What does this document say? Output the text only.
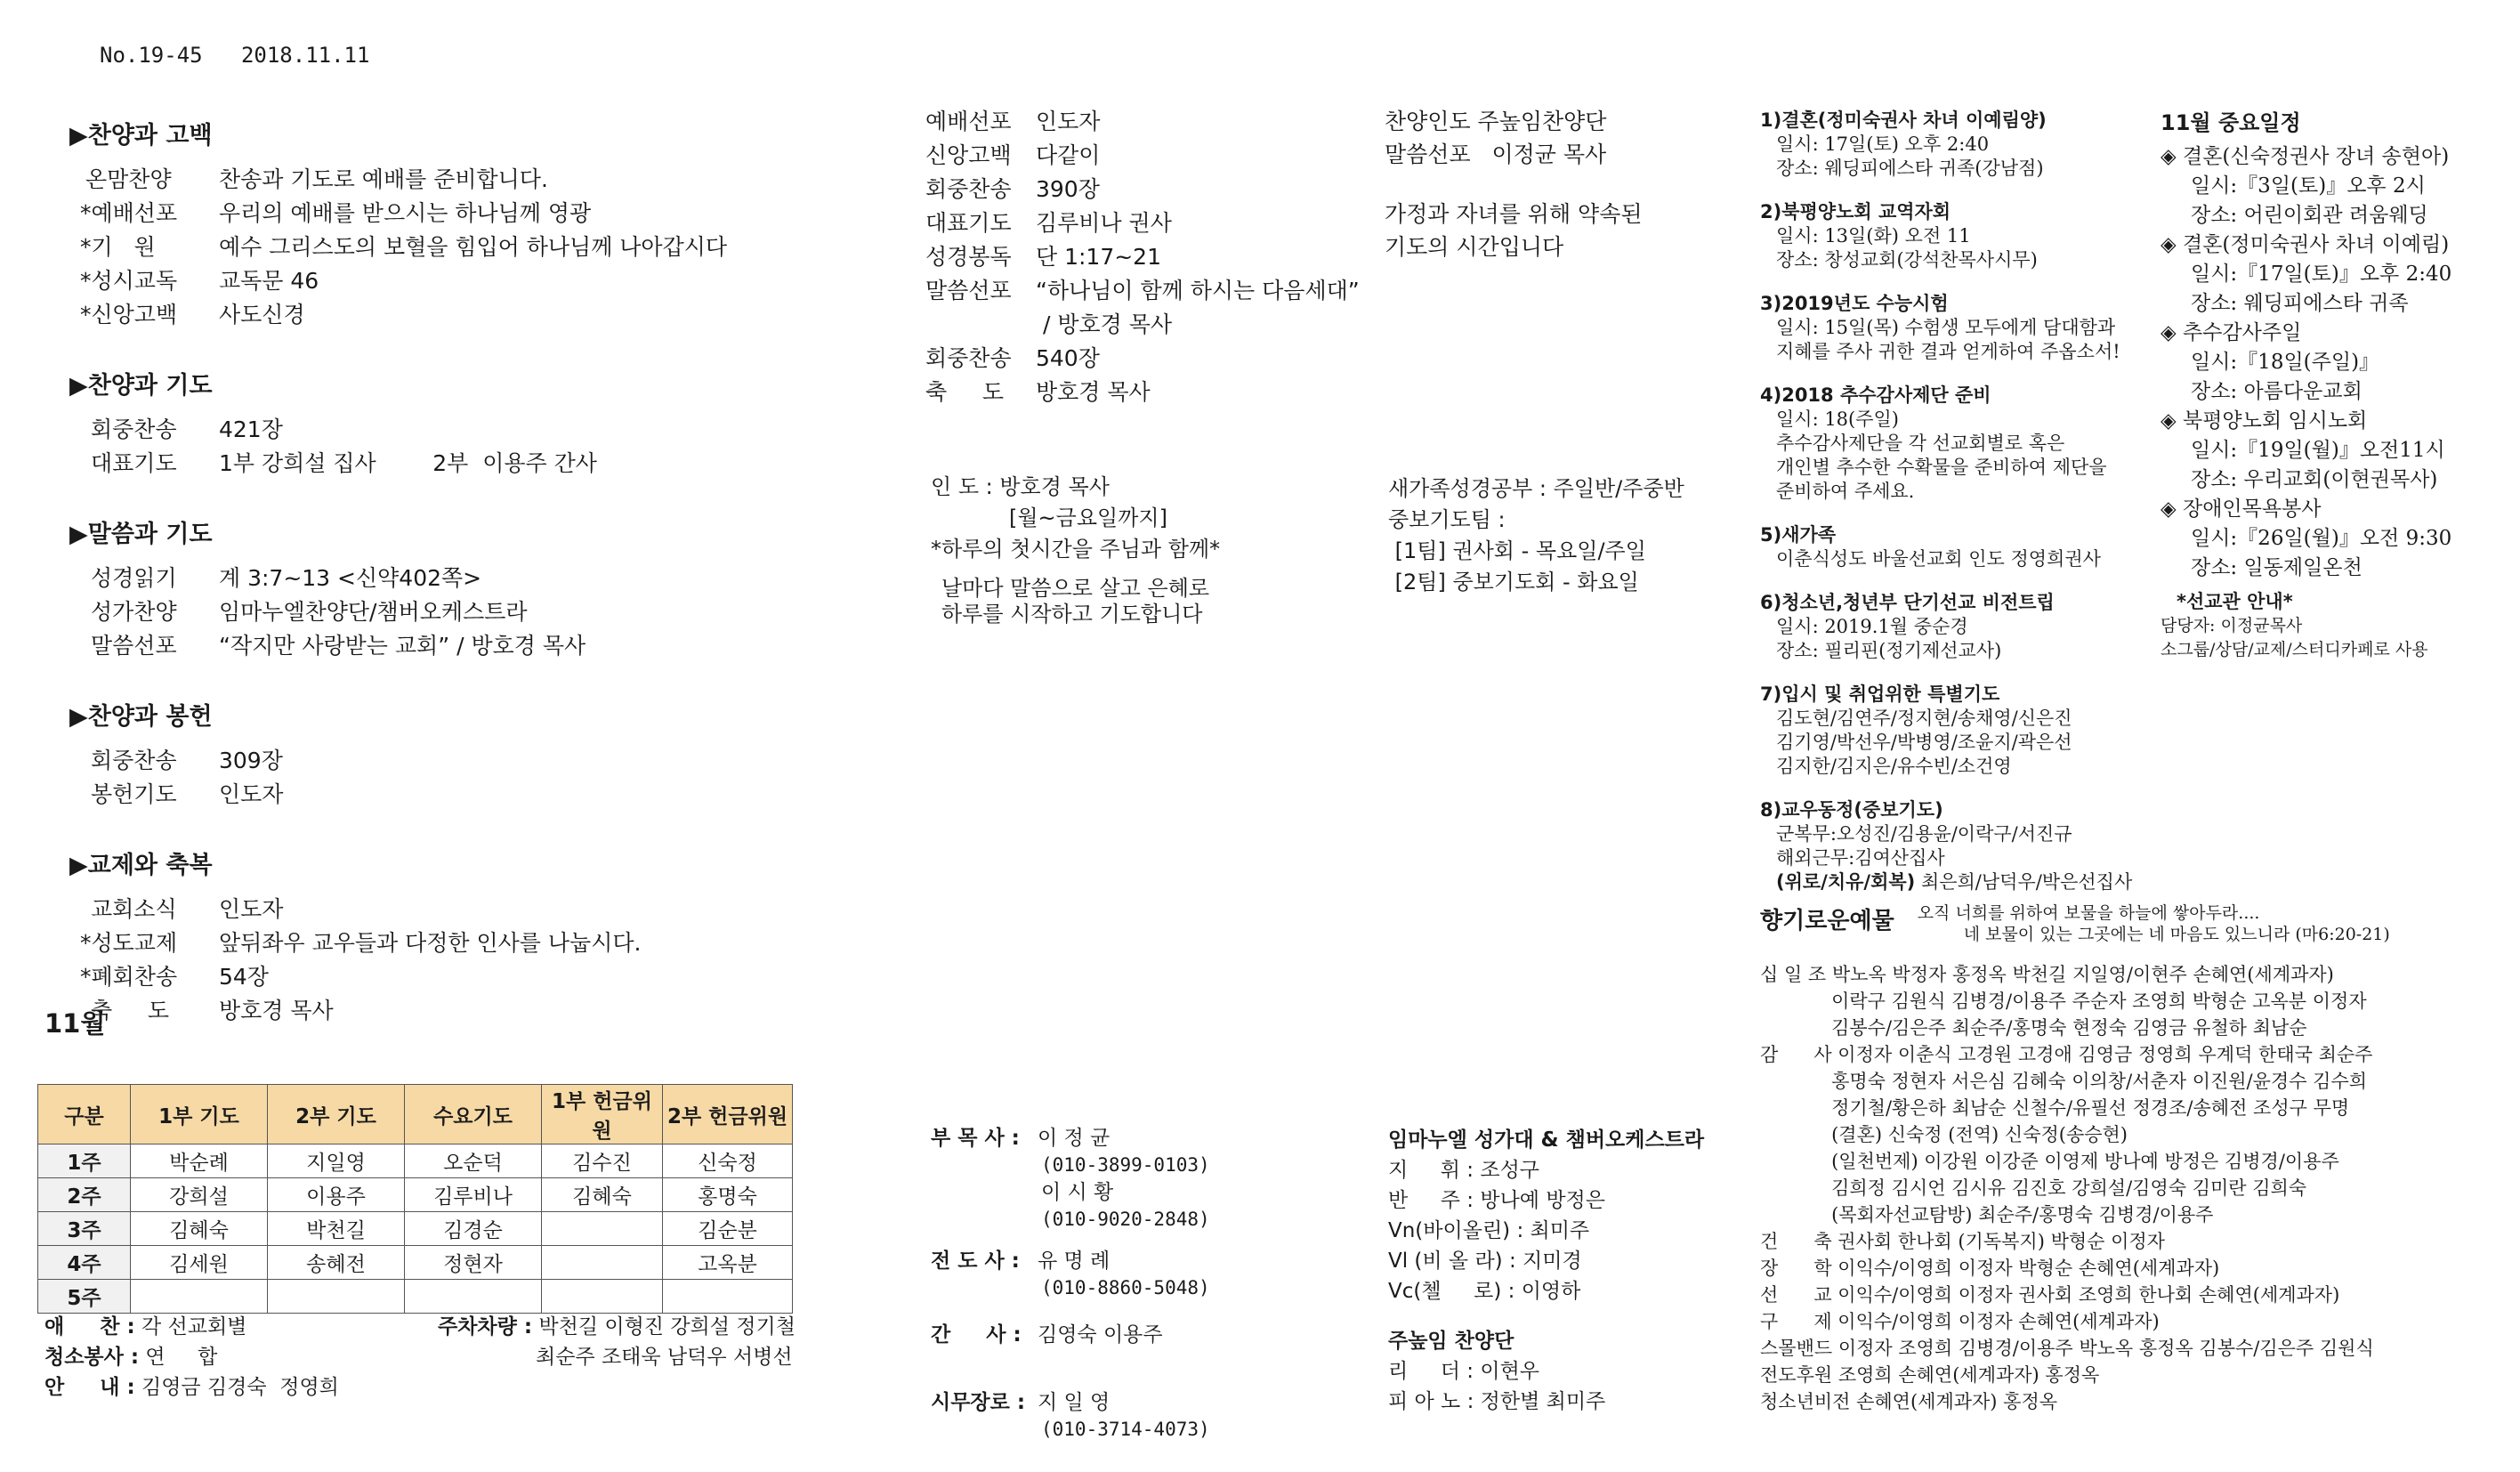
No.19-45 2018.11.11
▶찬양과 고백
온맘찬양	찬송과 기도로 예배를 준비합니다.
*예배선포	우리의 예배를 받으시는 하나님께 영광
*기   원	예수 그리스도의 보혈을 힘입어 하나님께 나아갑시다
*성시교독	교독문 46
*신앙고백	사도신경
▶찬양과 기도
회중찬송	421장
대표기도	1부 강희설 집사        2부  이용주 간사
▶말씀과 기도
성경읽기	계 3:7~13 <신약402쪽>
성가찬양	임마누엘찬양단/챔버오케스트라
말씀선포	“작지만 사랑받는 교회” / 방호경 목사
▶찬양과 봉헌
회중찬송	309장
봉헌기도	인도자
▶교제와 축복
교회소식	인도자
*성도교제	앞뒤좌우 교우들과 다정한 인사를 나눕시다.
*폐회찬송	54장
축     도	방호경 목사
11월
구분	1부 기도	2부 기도	수요기도	1부 헌금위원	2부 헌금위원
1주	박순례	지일영	오순덕	김수진	신숙정
2주	강희설	이용주	김루비나	김혜숙	홍명숙
3주	김혜숙	박천길	김경순		김순분
4주	김세원	송혜전	정현자		고옥분
5주					
애     찬 : 각 선교회별
청소봉사 : 연     합
안     내 : 김영금 김경숙  정영희
주차차량 : 박천길 이형진 강희설 정기철
최순주 조태욱 남덕우 서병선
예배선포	인도자
신앙고백	다같이
회중찬송	390장
대표기도	김루비나 권사
성경봉독	단 1:17~21
말씀선포	“하나님이 함께 하시는 다음세대”
/ 방호경 목사
회중찬송	540장
축     도	방호경 목사
인 도 : 방호경 목사
[월~금요일까지]
*하루의 첫시간을 주님과 함께*
날마다 말씀으로 살고 은혜로
하루를 시작하고 기도합니다
부 목 사 : 이 정 균
(010-3899-0103)
이 시 황
(010-9020-2848)
전 도 사 : 유 명 례
(010-8860-5048)
간     사 : 김영숙 이용주
시무장로 : 지 일 영
(010-3714-4073)
찬양인도 주높임찬양단
말씀선포   이정균 목사
가정과 자녀를 위해 약속된
기도의 시간입니다
새가족성경공부 : 주일반/주중반
중보기도팀 :
[1팀] 권사회 - 목요일/주일
[2팀] 중보기도회 - 화요일
임마누엘 성가대 & 챔버오케스트라
지     휘 : 조성구
반     주 : 방나예 방정은
Vn(바이올린) : 최미주
Vl (비 올 라) : 지미경
Vc(첼     로) : 이영하
주높임 찬양단
리     더 : 이현우
피 아 노 : 정한별 최미주
1)결혼(정미숙권사 차녀 이예림양)
일시: 17일(토) 오후 2:40
장소: 웨딩피에스타 귀족(강남점)
2)북평양노회 교역자회
일시: 13일(화) 오전 11
장소: 창성교회(강석찬목사시무)
3)2019년도 수능시험
일시: 15일(목) 수험생 모두에게 담대함과
지혜를 주사 귀한 결과 얻게하여 주옵소서!
4)2018 추수감사제단 준비
일시: 18(주일)
추수감사제단을 각 선교회별로 혹은
개인별 추수한 수확물을 준비하여 제단을
준비하여 주세요.
5)새가족
이춘식성도 바울선교회 인도 정영희권사
6)청소년,청년부 단기선교 비전트립
일시: 2019.1월 중순경
장소: 필리핀(정기제선교사)
7)입시 및 취업위한 특별기도
김도현/김연주/정지현/송채영/신은진
김기영/박선우/박병영/조윤지/곽은선
김지한/김지은/유수빈/소건영
8)교우동정(중보기도)
군복무:오성진/김용윤/이락구/서진규
해외근무:김여산집사
(위로/치유/회복) 최은희/남덕우/박은선집사
11월 중요일정
◈ 결혼(신숙정권사 장녀 송현아)
일시:『3일(토)』오후 2시
장소: 어린이회관 려움웨딩
◈ 결혼(정미숙권사 차녀 이예림)
일시:『17일(토)』오후 2:40
장소: 웨딩피에스타 귀족
◈ 추수감사주일
일시:『18일(주일)』
장소: 아름다운교회
◈ 북평양노회 임시노회
일시:『19일(월)』오전11시
장소: 우리교회(이현권목사)
◈ 장애인목욕봉사
일시:『26일(월)』오전 9:30
장소: 일동제일온천
*선교관 안내*
담당자: 이정균목사
소그룹/상담/교제/스터디카페로 사용
향기로운예물 오직 너희를 위하여 보물을 하늘에 쌓아두라....
네 보물이 있는 그곳에는 네 마음도 있느니라 (마6:20-21)
십 일 조 박노옥 박정자 홍정옥 박천길 지일영/이현주 손혜연(세계과자)
이락구 김원식 김병경/이용주 주순자 조영희 박형순 고옥분 이정자
김봉수/김은주 최순주/홍명숙 현정숙 김영금 유철하 최남순
감      사 이정자 이춘식 고경원 고경애 김영금 정영희 우계덕 한태국 최순주
홍명숙 정현자 서은심 김혜숙 이의창/서춘자 이진원/윤경수 김수희
정기철/황은하 최남순 신철수/유필선 정경조/송혜전 조성구 무명
(결혼) 신숙정 (전역) 신숙정(송승현)
(일천번제) 이강원 이강준 이영제 방나예 방정은 김병경/이용주
김희정 김시언 김시유 김진호 강희설/김영숙 김미란 김희숙
(목회자선교탐방) 최순주/홍명숙 김병경/이용주
건      축 권사회 한나회 (기독복지) 박형순 이정자
장      학 이익수/이영희 이정자 박형순 손혜연(세계과자)
선      교 이익수/이영희 이정자 권사회 조영희 한나회 손혜연(세계과자)
구      제 이익수/이영희 이정자 손혜연(세계과자)
스몰밴드 이정자 조영희 김병경/이용주 박노옥 홍정옥 김봉수/김은주 김원식
전도후원 조영희 손혜연(세계과자) 홍정옥
청소년비전 손혜연(세계과자) 홍정옥
